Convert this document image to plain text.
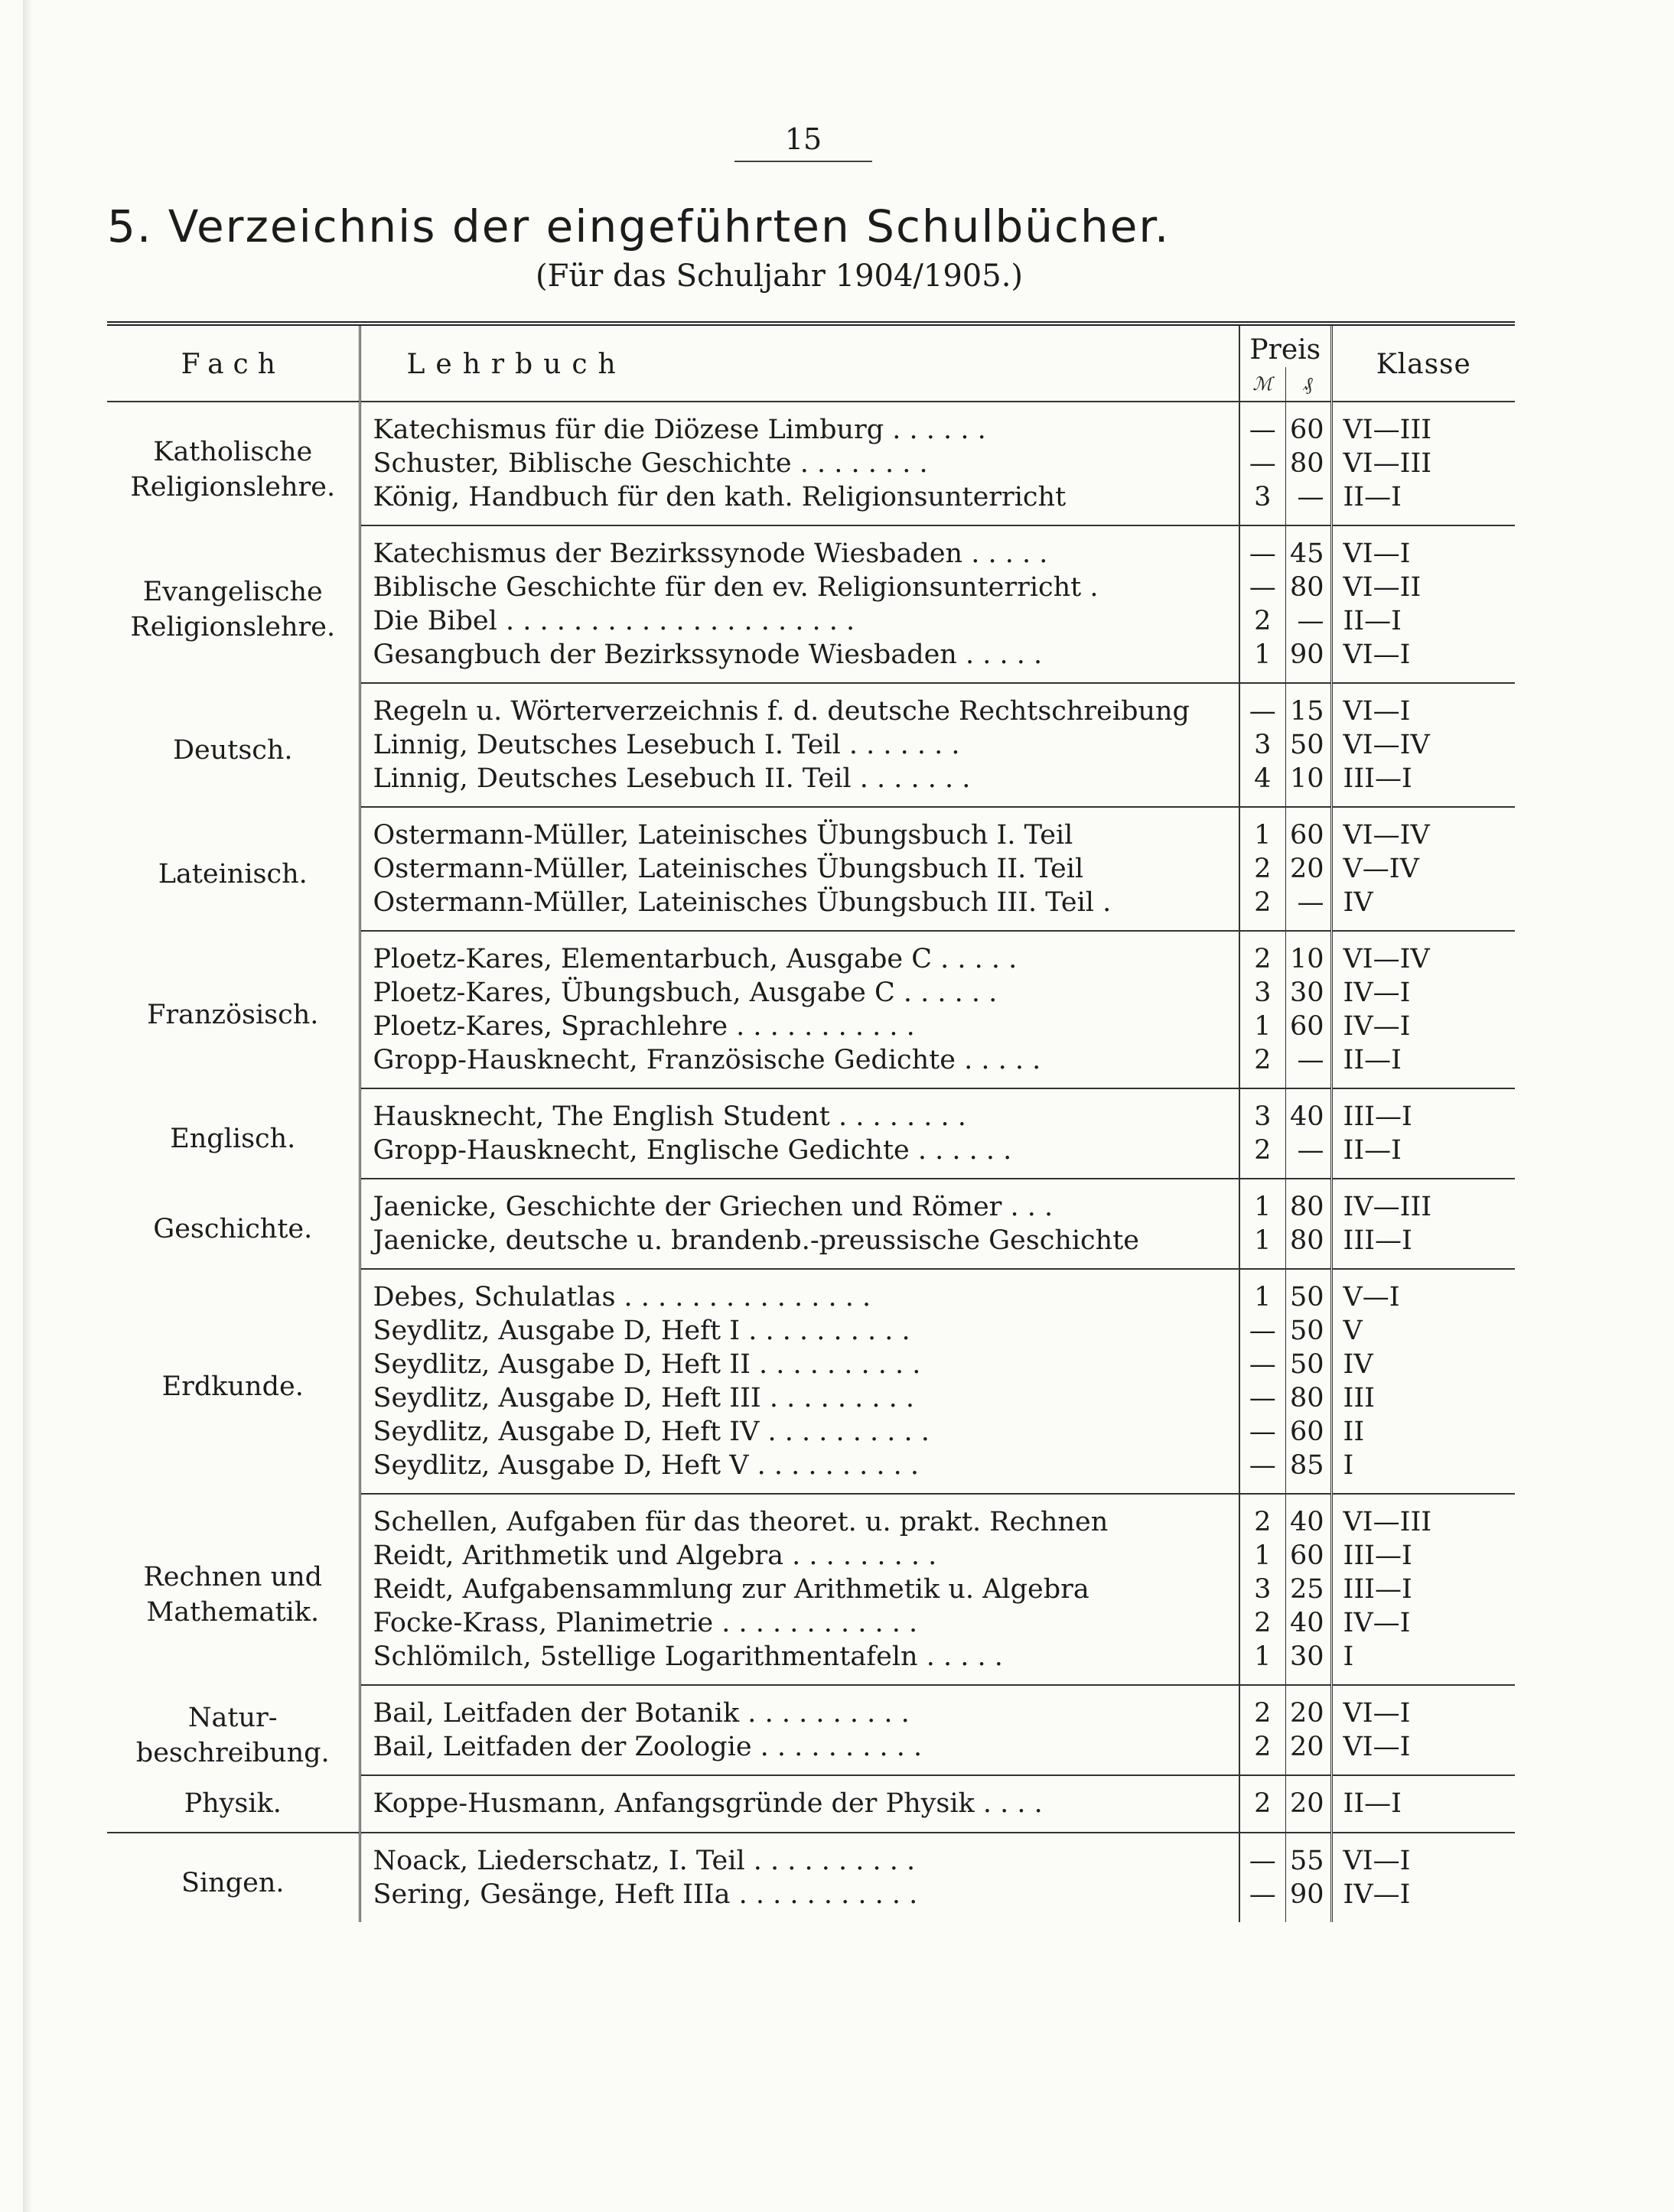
15
5. Verzeichnis der eingeführten Schulbücher.
(Für das Schuljahr 1904/1905.)
Fach	Lehrbuch	Preis		Klasse
		ℳ	₰	
Katholische Religionslehre.	Katechismus für die Diözese Limburg . . . . . .	—	60	VI—III
	Schuster, Biblische Geschichte . . . . . . . .	—	80	VI—III
	König, Handbuch für den kath. Religionsunterricht	3	—	II—I
Evangelische Religionslehre.	Katechismus der Bezirkssynode Wiesbaden . . . . .	—	45	VI—I
	Biblische Geschichte für den ev. Religionsunterricht .	—	80	VI—II
	Die Bibel . . . . . . . . . . . . . . . . . . . . .	2	—	II—I
	Gesangbuch der Bezirkssynode Wiesbaden . . . . .	1	90	VI—I
Deutsch.	Regeln u. Wörterverzeichnis f. d. deutsche Rechtschreibung	—	15	VI—I
	Linnig, Deutsches Lesebuch I. Teil . . . . . . .	3	50	VI—IV
	Linnig, Deutsches Lesebuch II. Teil . . . . . . .	4	10	III—I
Lateinisch.	Ostermann-Müller, Lateinisches Übungsbuch I. Teil	1	60	VI—IV
	Ostermann-Müller, Lateinisches Übungsbuch II. Teil	2	20	V—IV
	Ostermann-Müller, Lateinisches Übungsbuch III. Teil .	2	—	IV
Französisch.	Ploetz-Kares, Elementarbuch, Ausgabe C . . . . .	2	10	VI—IV
	Ploetz-Kares, Übungsbuch, Ausgabe C . . . . . .	3	30	IV—I
	Ploetz-Kares, Sprachlehre . . . . . . . . . . .	1	60	IV—I
	Gropp-Hausknecht, Französische Gedichte . . . . .	2	—	II—I
Englisch.	Hausknecht, The English Student . . . . . . . .	3	40	III—I
	Gropp-Hausknecht, Englische Gedichte . . . . . .	2	—	II—I
Geschichte.	Jaenicke, Geschichte der Griechen und Römer . . .	1	80	IV—III
	Jaenicke, deutsche u. brandenb.-preussische Geschichte	1	80	III—I
Erdkunde.	Debes, Schulatlas . . . . . . . . . . . . . . .	1	50	V—I
	Seydlitz, Ausgabe D, Heft I . . . . . . . . . .	—	50	V
	Seydlitz, Ausgabe D, Heft II . . . . . . . . . .	—	50	IV
	Seydlitz, Ausgabe D, Heft III . . . . . . . . .	—	80	III
	Seydlitz, Ausgabe D, Heft IV . . . . . . . . . .	—	60	II
	Seydlitz, Ausgabe D, Heft V . . . . . . . . . .	—	85	I
Rechnen und Mathematik.	Schellen, Aufgaben für das theoret. u. prakt. Rechnen	2	40	VI—III
	Reidt, Arithmetik und Algebra . . . . . . . . .	1	60	III—I
	Reidt, Aufgabensammlung zur Arithmetik u. Algebra	3	25	III—I
	Focke-Krass, Planimetrie . . . . . . . . . . . .	2	40	IV—I
	Schlömilch, 5stellige Logarithmentafeln . . . . .	1	30	I
Natur- beschreibung.	Bail, Leitfaden der Botanik . . . . . . . . . .	2	20	VI—I
	Bail, Leitfaden der Zoologie . . . . . . . . . .	2	20	VI—I
Physik.	Koppe-Husmann, Anfangsgründe der Physik . . . .	2	20	II—I
Singen.	Noack, Liederschatz, I. Teil . . . . . . . . . .	—	55	VI—I
	Sering, Gesänge, Heft IIIa . . . . . . . . . . .	—	90	IV—I
